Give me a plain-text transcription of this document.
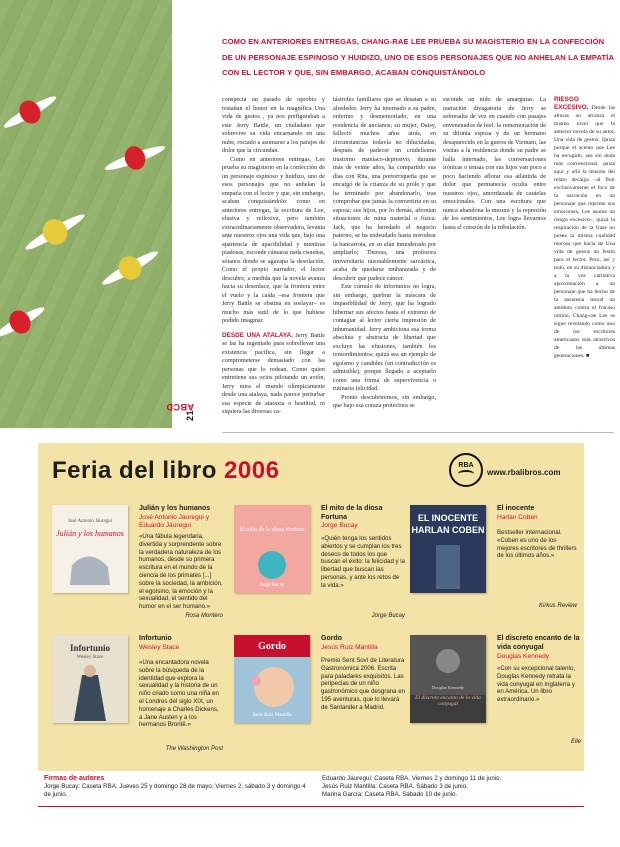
ABCD
21
COMO EN ANTERIORES ENTREGAS, CHANG-RAE LEE PRUEBA SU MAGISTERIO EN LA CONFECCIÓN DE UN PERSONAJE ESPINOSO Y HUIDIZO, UNO DE ESOS PERSONAJES QUE NO ANHELAN LA EMPATÍA CON EL LECTOR Y QUE, SIN EMBARGO, ACABAN CONQUISTÁNDOLO

conspecta un pasado de oprobio y restañan el honor en la magnífica Una vida de gestos , ya nos prefiguraban a este Jerry Battle, un ciudadano que sobrevive su vida encarnando en una nube, rociado a asomarse a los parajes de dolor que la circundan.

Como en anteriores entregas, Lee prueba su magisterio en la confección de un personaje espinoso y huidizo, uno de esos personajes que no anhelan la empatía con el lector y que, sin embargo, acaban conquistándolo: como en anteriores entregas, la escritura de Lee, elusiva y reflexiva, pero también extraordinariamente observadora, levanta ante nuestros ojos una vida que, bajo una apariencia de apacibilidad y mentiras piadosas, esconde cámaras nada risueñas, sótanos donde se agazapa la desolación. Como el propio narrador, el lector descubre, a medida que la novela avanza hacia su desenlace, que la frontera entre el vuelo y la caída –esa frontera que Jerry Battle se obstina en soslayar– es mucho más sutil de lo que hubiese podido imaginar.

DESDE UNA ATALAYA. Jerry Battle se las ha ingeniado para sobrellevar una existencia pacífica, sin llegar a comprometerse demasiado con las personas que lo rodean. Como quien entretiene sus ocios pilotando un avión, Jerry mira el mundo olímpicamente desde una atalaya, nada parece perturbar esa especie de ataraxia o beatitud, ni siquiera las diversas ca-

tástrofes familiares que se desatan a su alrededor. Jerry ha internado a su padre, enfermo y desmemoriado, en una residencia de ancianos; su mujer, Daisy, falleció muchos años atrás, en circunstancias todavía no dilucidadas, después de padecer un crudelísimo trastorno maníaco-depresivo; durante más de veinte años, ha compartido sus días con Rita, una portorriqueña que se encargó de la crianza de su prole y que ha terminado por abandonarlo, tras comprobar que jamás la convertiría en su esposa; sus hijos, por lo demás, afrontan situaciones de ruina material o física: Jack, que ha heredado el negocio paterno, se ha endeudado hasta merodear la bancarrota, en su afán inmoderado por ampliarlo; Theresa, una profesora universitaria razonablemente sarcástica, acaba de quedarse embarazada y de descubrir que padece cáncer.

Este cúmulo de infortunios no logra, sin embargo, quebrar la máscara de impasibilidad de Jerry, que ha logrado hibernar sus afectos hasta el extremo de contagiar al lector cierta impresión de inhumanidad. Jerry ambiciona esa forma absoluta y abstracta de libertad que excluye las efusiones, también los remordimientos; quizá sea un ejemplo de egoísmo y candidez (en contradicción es admisible), porque llegado a aceptarlo como una forma de supervivencia o rutinaria felicidad.

Pronto descubriremos, sin embargo, que bajo esa coraza protectora se

esconde un nido de amarguras. La narración divagatoria de Jerry se sobresalta de vez en cuando con pasajes envenenados de hiel: la rememoración de su difunta esposa y de un hermano desaparecido en la guerra de Vietnam, las visitas a la residencia donde su padre se halla internado, las conversaciones irónicas o tensas con sus hijos van poco a poco haciendo aflorar esa atlántida de dolor que permanecía oculta entre nuestros ojos, amordazada de cautelas emocionales. Con una escritura que nunca abandona la mesura y la represión de los sentimientos, Lee logra llevarnos hasta el corazón de la tribulación.

RIESGO EXCESIVO. Desde las alturas no alcanza el mismo nivel que la anterior novela de su autor, Una vida de gestos. Quizá porque el acento que Lee ha escogido, sea sin duda más convencional, quizá aquí y allá la tensión del relato decaiga –al fluir exclusivamente el foco de la narración en un personaje que reprime sus emociones, Lee asume un riesgo excesivo–, quizá la respiración de la frase no posea la misma cualidad morosa que hacía de Una vida de gestos un festín para el lector. Pero, así y todo, en su distanciadora y a la vez caritativa aproximación a un personaje que ha hecho de la anestesia moral un antídoto contra el fracaso íntimo, Chang-rae Lee se sigue revelando como uno de los escritores americanos más atractivos de las últimas generaciones. ■

Feria del libro 2006	RBA
www.rbalibros.com
José Antonio Jáuregui
Julián y los humanos
Julián y los humanos
José Antonio Jáuregui y Eduardo Jáuregui
«Una fábula legendaria, divertida y sorprendente sobre la verdadera naturaleza de los humanos, desde su primera escritura en el mundo de la ciencia de los primates [...] sobre la sociedad, la ambición, el egoísmo, la emoción y la sexualidad, el sentido del humor en el ser humano.»
Rosa Montero
El mito de la diosa Fortuna
Jorge Bucay
El mito de la diosa Fortuna
Jorge Bucay
«Quién tenga los sentidos abiertos y se cumplan los tres deseos de todos los que buscan el éxito: la felicidad y la libertad que buscan las personas, y ante los retos de la vida.»
Jorge Bucay
EL INOCENTE
HARLAN COBEN
El inocente
Harlan Coben
Bestseller internacional. «Coben es uno de los mejores escritores de thrillers de los últimos años.»
Kirkus Review
Infortunio
Wesley Stace
Infortunio
Wesley Stace
«Una encantadora novela sobre la búsqueda de la identidad que explora la sexualidad y la historia de un niño criado como una niña en el Londres del siglo XIX, un homenaje a Charles Dickens, a Jane Austen y a los hermanos Brontë.»
The Washington Post
Gordo
Jesús Ruiz Mantilla
Gordo
Jesús Ruiz Mantilla
Premio Sent Soví de Literatura Gastronómica 2006. Escrita para paladares exquisitos. Las peripecias de un niño gastronómico que desgrana en 195 aventuras, que lo llevará de Santander a Madrid.
Douglas Kennedy
El discreto encanto de la vida conyugal
El discreto encanto de la vida conyugal
Douglas Kennedy
«Con su excepcional talento, Douglas Kennedy retrata la vida conyugal en Inglaterra y en América. Un libro extraordinario.»
Elle
Firmas de autores
Jorge Bucay: Caseta RBA. Jueves 25 y domingo 28 de mayo. Viernes 2, sábado 3 y domingo 4 de junio.
Eduardo Jáuregui: Caseta RBA. Viernes 2 y domingo 11 de junio.
Jesús Ruiz Mantilla: Caseta RBA. Sábado 3 de junio.
Marina García: Caseta RBA. Sábado 10 de junio.
